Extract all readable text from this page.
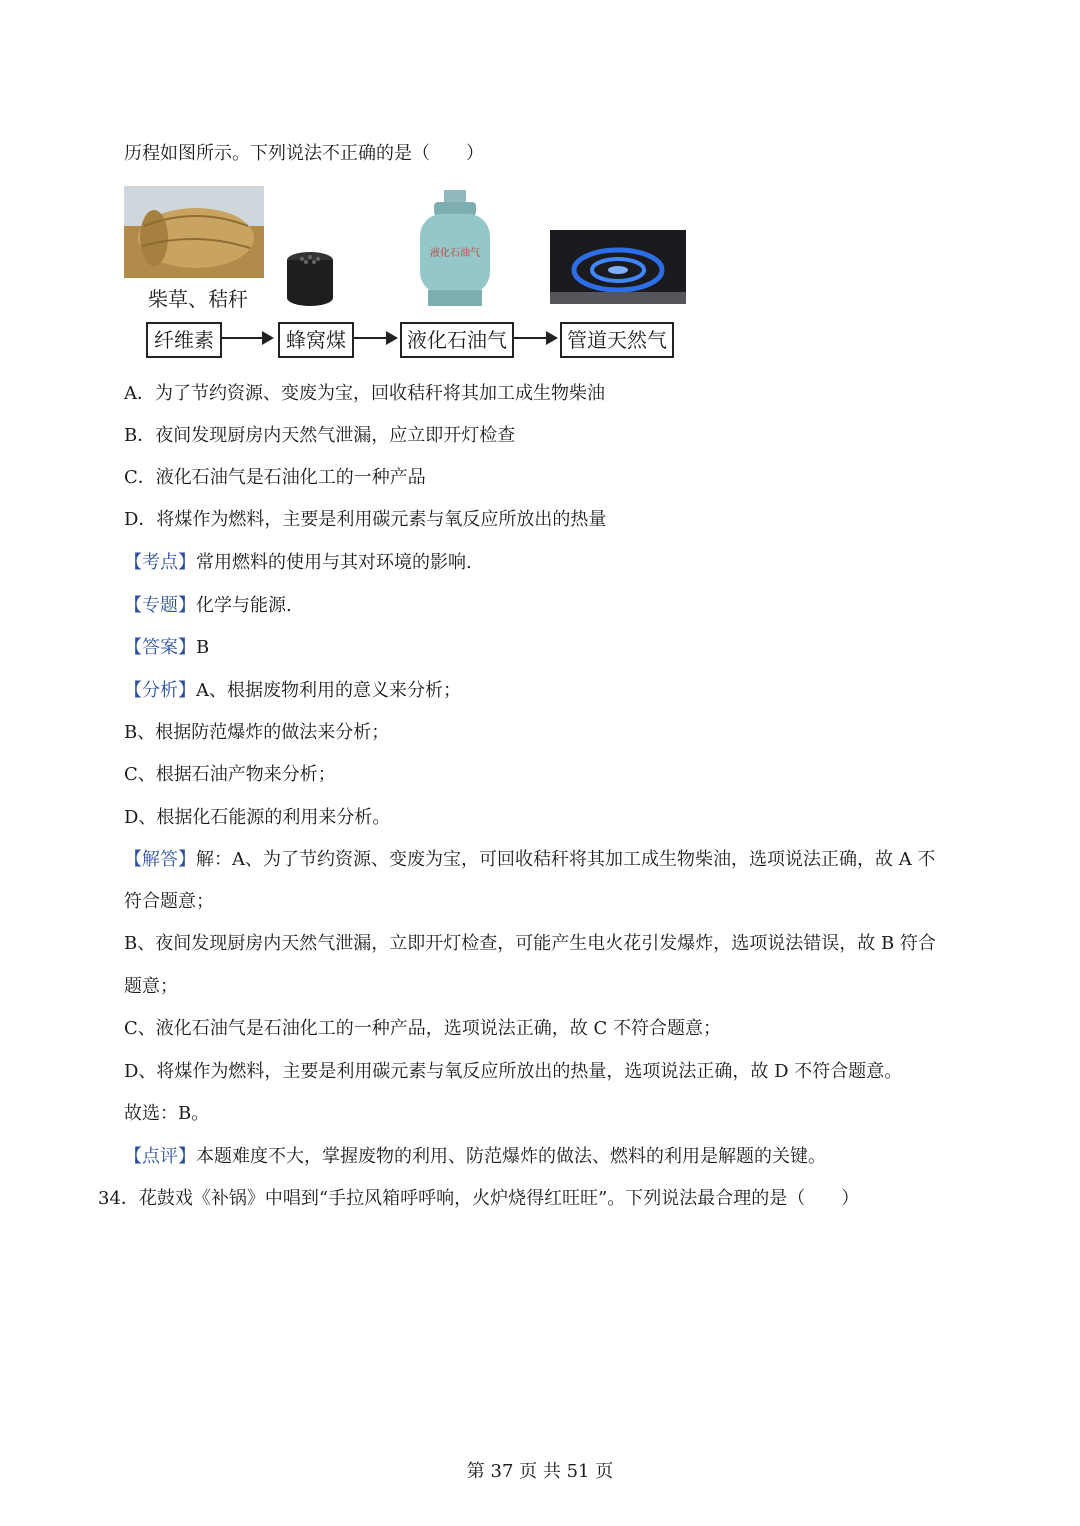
历程如图所示。下列说法不正确的是（　　）
柴草、秸秆
液化石油气
纤维素	蜂窝煤	液化石油气	管道天然气
A．为了节约资源、变废为宝，回收秸秆将其加工成生物柴油
B．夜间发现厨房内天然气泄漏，应立即开灯检查
C．液化石油气是石油化工的一种产品
D．将煤作为燃料，主要是利用碳元素与氧反应所放出的热量
【考点】常用燃料的使用与其对环境的影响.
【专题】化学与能源.
【答案】B
【分析】A、根据废物利用的意义来分析；
B、根据防范爆炸的做法来分析；
C、根据石油产物来分析；
D、根据化石能源的利用来分析。
【解答】解：A、为了节约资源、变废为宝，可回收秸秆将其加工成生物柴油，选项说法正确，故 A 不
符合题意；
B、夜间发现厨房内天然气泄漏，立即开灯检查，可能产生电火花引发爆炸，选项说法错误，故 B 符合
题意；
C、液化石油气是石油化工的一种产品，选项说法正确，故 C 不符合题意；
D、将煤作为燃料，主要是利用碳元素与氧反应所放出的热量，选项说法正确，故 D 不符合题意。
故选：B。
【点评】本题难度不大，掌握废物的利用、防范爆炸的做法、燃料的利用是解题的关键。
34．花鼓戏《补锅》中唱到“手拉风箱呼呼响，火炉烧得红旺旺”。下列说法最合理的是（　　）
第 37 页 共 51 页
